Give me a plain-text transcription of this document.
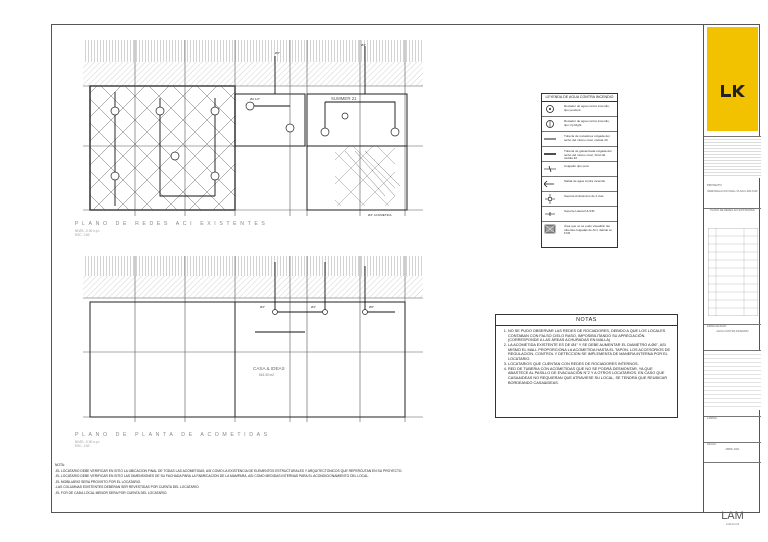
Ø2 1/2"
Ø4"
Ø4"
Ø4" ACOMETIDA
SUMMER 21
PLANO DE REDES ACI EXISTENTES
NIVEL -0.00 n.p.t.
ESC. 1:50
Ø4"	Ø4"	Ø6"
CASA & IDEAS
615.30 m2
PLANO DE PLANTA DE ACOMETIDAS
NIVEL -0.00 n.p.t.
ESC. 1:50
LEYENDA DE AGUA CONTRA INCENDIO
Rociador de agua contra incendio, tipo pendent.
Rociador de agua contra incendio, tipo Up Right.
Tubería de rociadores colgada del techo del mismo nivel, cédula 40.
Tubería de galvanizada colgada del techo del mismo nivel, SCH-40, cédula 40.
Colgador tipo pera
Salida de agua contra incendio
Soporte Antisísmico de 4 vías
Soporte Lateral UL/FM
Área que no se pudo visualizar las tuberías colgadas de ACI, debido al FCR
NOTAS
1. NO SE PUDO OBSERVAR LAS REDES DE ROCIADORES, DEBIDO A QUE LOS LOCALES CONTABAN CON FALSO CIELO RASO, IMPOSIBILITANDO SU APRECIACIÓN. (CORRESPONDE A LAS ÁREAS ACHURADAS EN MALLA)
2. LA ACOMETIDA EXISTENTE ES DE Ø4" Y SE DEBE AUMENTAR EL DIAMETRO A Ø6", ASI MISMO EL MALL PROPORCIONA LA ACOMETIDA HASTA EL TAPON. LOS ACCESORIOS DE REGULACION, CONTROL Y DETECCION SE IMPLEMENTA DE MANERA INTERNA POR EL LOCATARIO.
3. LOCATARIOS QUE CUENTAN CON REDES DE ROCIADORES INTERNOS.
4. RED DE TUBERIA CON ACOMETIDAS QUE NO SE PODRÁ DESMONTAR, YA QUE ABASTECE AL PASILLO DE EVACUACIÓN N°2 Y A OTROS LOCATARIOS. EN CASO QUE CASA&IDEAS NO REQUIERAN QUE ATRAVIESE SU LOCAL, SE TENDRÁ QUE REUBICAR BORDEANDO CASA&IDEAS.
NOTA:
-EL LOCATARIO DEBE VERIFICAR EN SITIO LA UBICACION FINAL DE TODAS LAS ACOMETIDAS, ASI COMO LA EXISTENCIA DE ELEMENTOS ESTRUCTURALES Y ARQUITECTONICOS QUE REPERCUTAN EN SU PROYECTO.
-EL LOCATARIO DEBE VERIFICAR EN SITIO LAS DIMENSIONES DE SU FACHADA PARA LA FABRICACION DE LA MAMPARA, ASI COMO MEDIDAS INTERNAS PARA EL ACONDICIONAMIENTO DEL LOCAL.
-EL MOBILIARIO SERA PROVISTO POR EL LOCATARIO.
-LAS COLUMNAS EXISTENTES DEBERAN SER REVESTIDAS POR CUENTA DEL LOCATARIO.
-EL FCR DE CADA LOCAL MENOR SERA POR CUENTA DEL LOCATARIO.
PROYECTO:
REMODELACION MALL PLAZA LIMA SUR
PLANO DE REDES ACI EXISTENTES
ESPECIALIDAD:
AGUA CONTRA INCENDIO
LAMINA:
FECHA:
ABRIL 2021
LAM
LAM-ACI-04
